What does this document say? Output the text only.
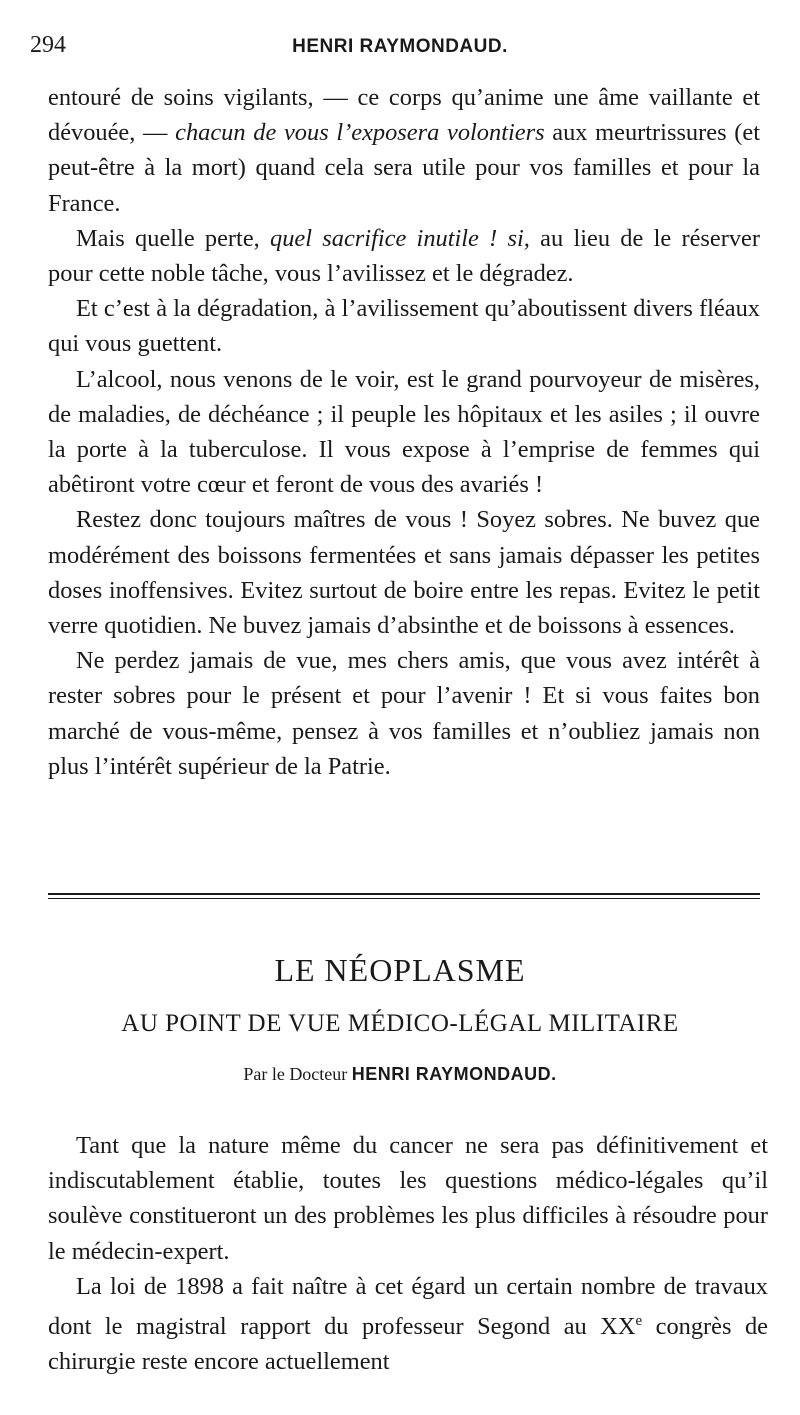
294	HENRI RAYMONDAUD.

entouré de soins vigilants, — ce corps qu’anime une âme vaillante et dévouée, — chacun de vous l’exposera volontiers aux meurtrissures (et peut-être à la mort) quand cela sera utile pour vos familles et pour la France.

Mais quelle perte, quel sacrifice inutile ! si, au lieu de le réserver pour cette noble tâche, vous l’avilissez et le dégradez.

Et c’est à la dégradation, à l’avilissement qu’aboutissent divers fléaux qui vous guettent.

L’alcool, nous venons de le voir, est le grand pourvoyeur de misères, de maladies, de déchéance ; il peuple les hôpitaux et les asiles ; il ouvre la porte à la tuberculose. Il vous expose à l’emprise de femmes qui abêtiront votre cœur et feront de vous des avariés !

Restez donc toujours maîtres de vous ! Soyez sobres. Ne buvez que modérément des boissons fermentées et sans jamais dépasser les petites doses inoffensives. Evitez surtout de boire entre les repas. Evitez le petit verre quotidien. Ne buvez jamais d’absinthe et de boissons à essences.

Ne perdez jamais de vue, mes chers amis, que vous avez intérêt à rester sobres pour le présent et pour l’avenir ! Et si vous faites bon marché de vous-même, pensez à vos familles et n’oubliez jamais non plus l’intérêt supérieur de la Patrie.

LE NÉOPLASME
AU POINT DE VUE MÉDICO-LÉGAL MILITAIRE
Par le Docteur HENRI RAYMONDAUD.

Tant que la nature même du cancer ne sera pas définitivement et indiscutablement établie, toutes les questions médico-légales qu’il soulève constitueront un des problèmes les plus difficiles à résoudre pour le médecin-expert.

La loi de 1898 a fait naître à cet égard un certain nombre de travaux dont le magistral rapport du professeur Segond au XXe congrès de chirurgie reste encore actuellement
